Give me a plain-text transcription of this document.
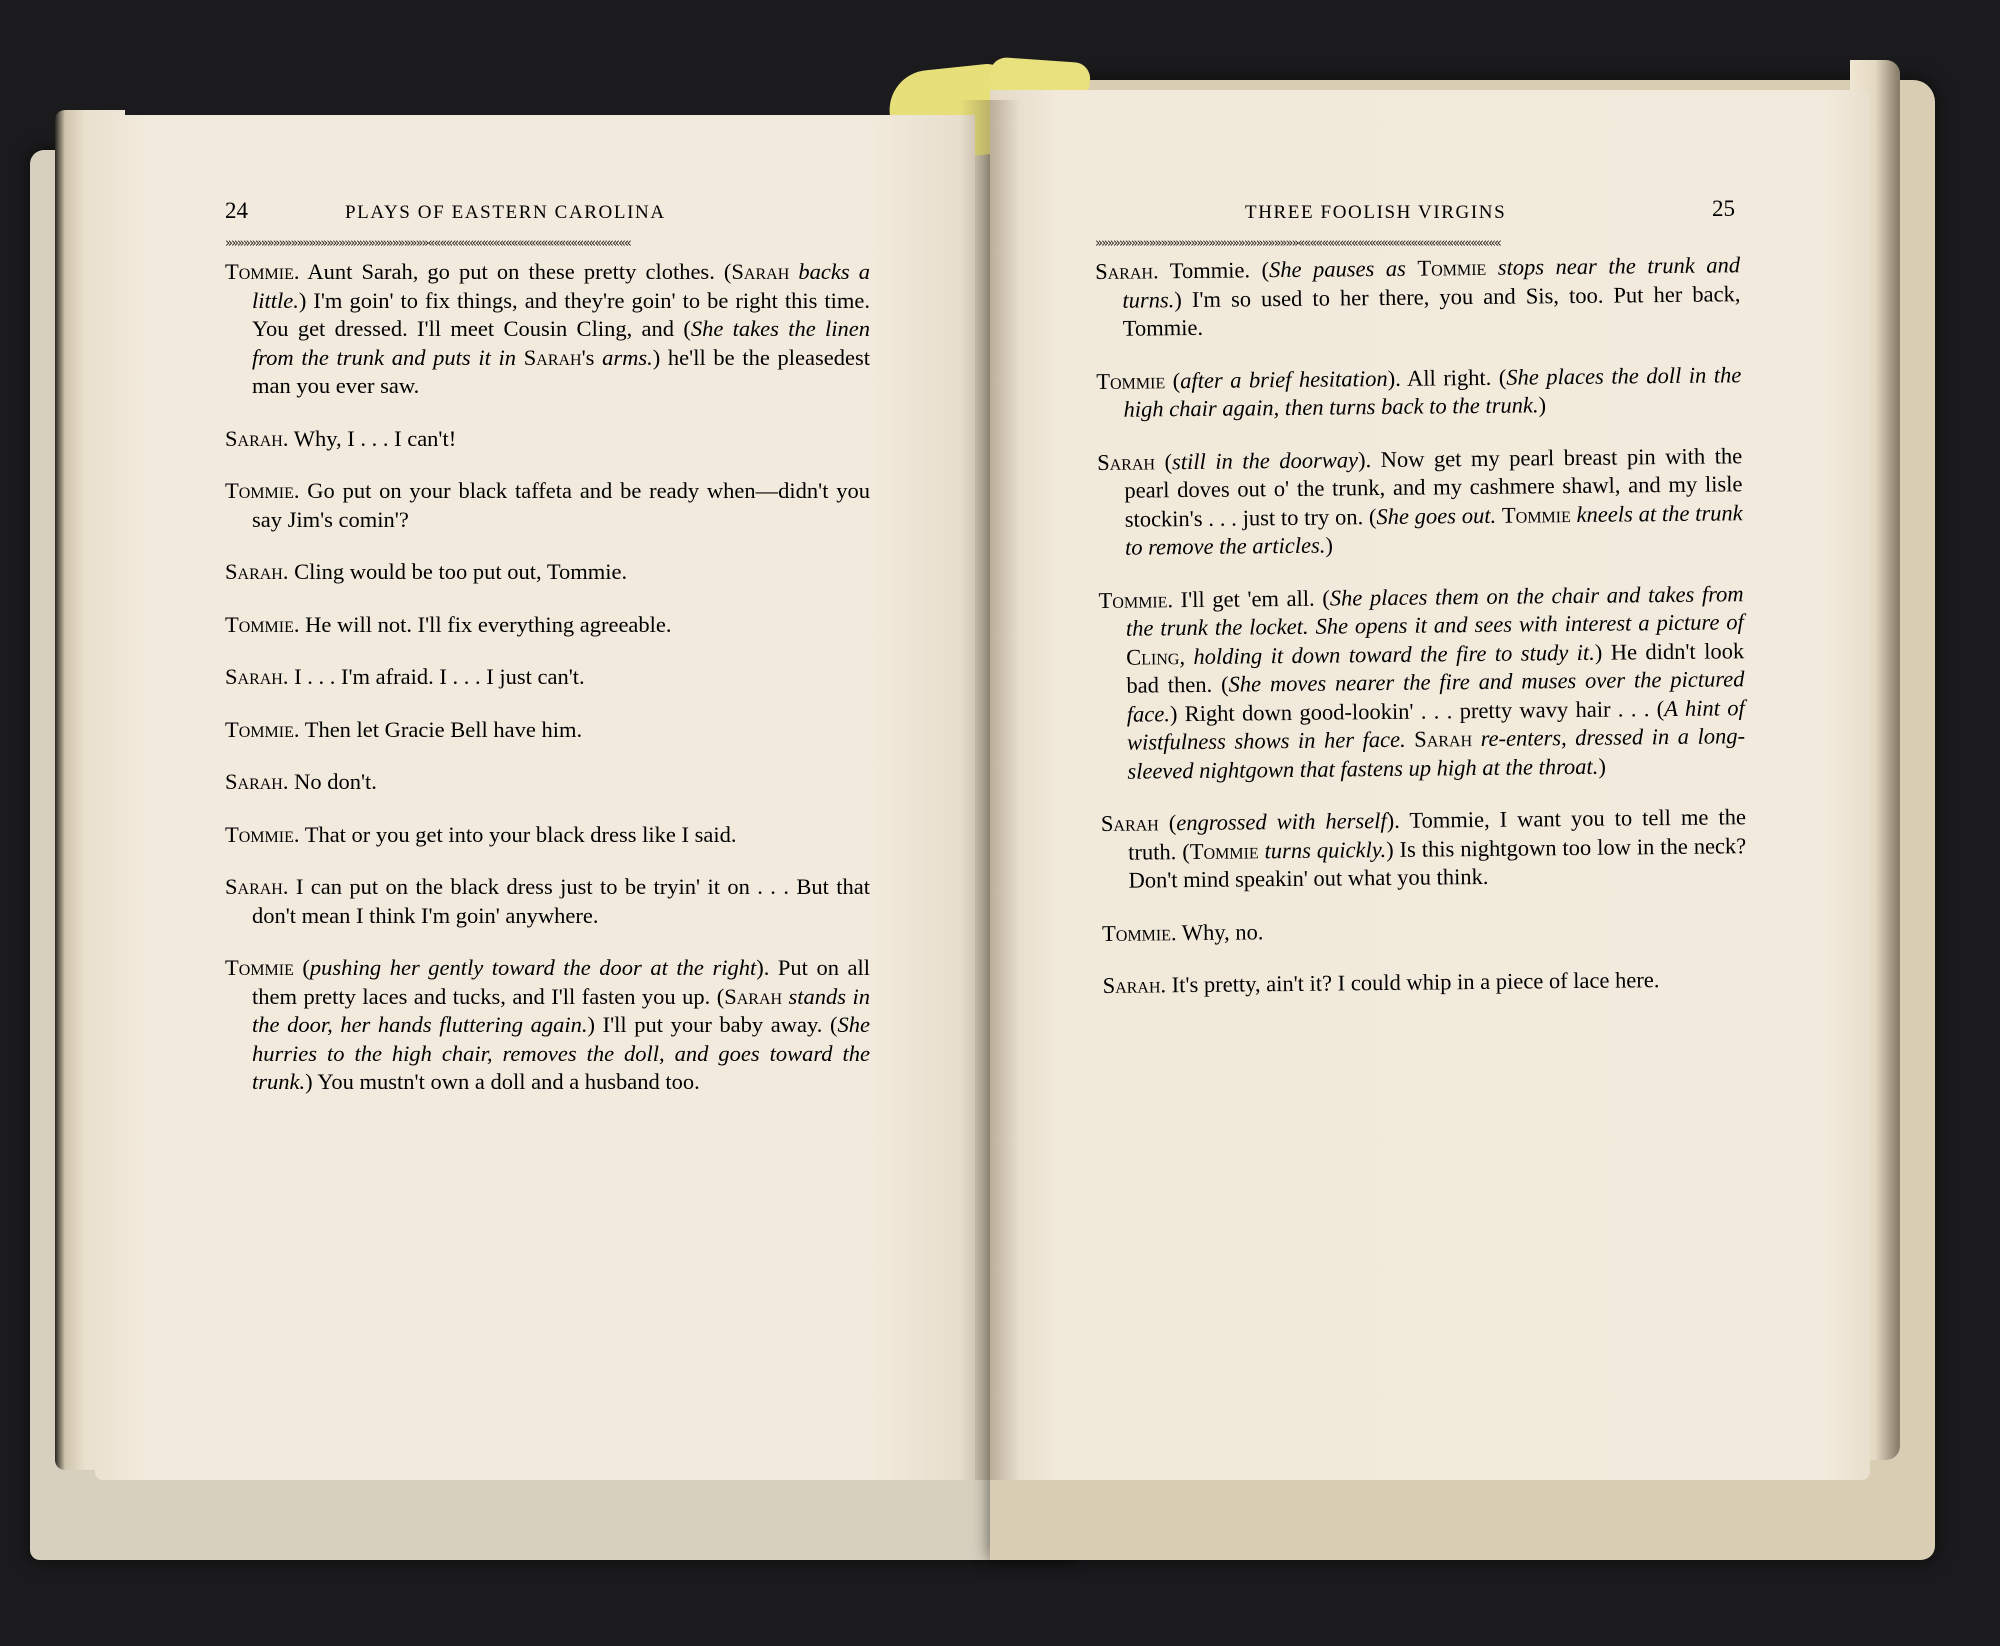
24	PLAYS OF EASTERN CAROLINA
»»»»»»»»»»»»»»»»»»»»»»»»»»»»»»»»»»««««««««««««««««««««««««««««««««««
THREE FOOLISH VIRGINS	25
»»»»»»»»»»»»»»»»»»»»»»»»»»»»»»»»»»««««««««««««««««««««««««««««««««««

Tommie. Aunt Sarah, go put on these pretty clothes. (Sarah backs a little.) I'm goin' to fix things, and they're goin' to be right this time. You get dressed. I'll meet Cousin Cling, and (She takes the linen from the trunk and puts it in Sarah's arms.) he'll be the pleasedest man you ever saw.

Sarah. Why, I . . . I can't!

Tommie. Go put on your black taffeta and be ready when—didn't you say Jim's comin'?

Sarah. Cling would be too put out, Tommie.

Tommie. He will not. I'll fix everything agreeable.

Sarah. I . . . I'm afraid. I . . . I just can't.

Tommie. Then let Gracie Bell have him.

Sarah. No don't.

Tommie. That or you get into your black dress like I said.

Sarah. I can put on the black dress just to be tryin' it on . . . But that don't mean I think I'm goin' anywhere.

Tommie (pushing her gently toward the door at the right). Put on all them pretty laces and tucks, and I'll fasten you up. (Sarah stands in the door, her hands fluttering again.) I'll put your baby away. (She hurries to the high chair, removes the doll, and goes toward the trunk.) You mustn't own a doll and a husband too.

Sarah. Tommie. (She pauses as Tommie stops near the trunk and turns.) I'm so used to her there, you and Sis, too. Put her back, Tommie.

Tommie (after a brief hesitation). All right. (She places the doll in the high chair again, then turns back to the trunk.)

Sarah (still in the doorway). Now get my pearl breast pin with the pearl doves out o' the trunk, and my cashmere shawl, and my lisle stockin's . . . just to try on. (She goes out. Tommie kneels at the trunk to remove the articles.)

Tommie. I'll get 'em all. (She places them on the chair and takes from the trunk the locket. She opens it and sees with interest a picture of Cling, holding it down toward the fire to study it.) He didn't look bad then. (She moves nearer the fire and muses over the pictured face.) Right down good-lookin' . . . pretty wavy hair . . . (A hint of wistfulness shows in her face. Sarah re-enters, dressed in a long-sleeved nightgown that fastens up high at the throat.)

Sarah (engrossed with herself). Tommie, I want you to tell me the truth. (Tommie turns quickly.) Is this nightgown too low in the neck? Don't mind speakin' out what you think.

Tommie. Why, no.

Sarah. It's pretty, ain't it? I could whip in a piece of lace here.
